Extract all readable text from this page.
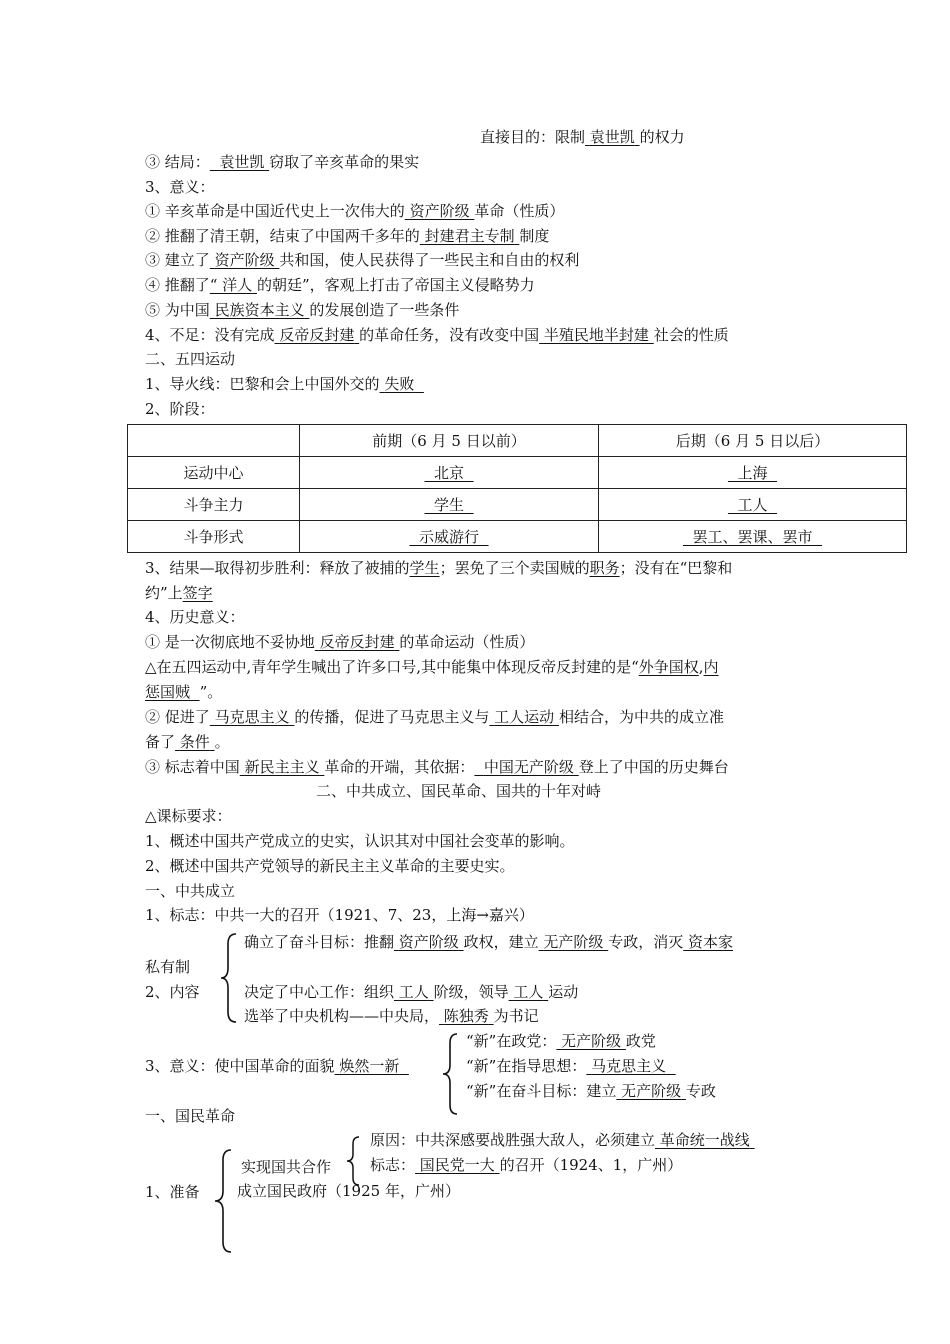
直接目的：限制 袁世凯 的权力
③ 结局： 袁世凯 窃取了辛亥革命的果实
3、意义：
① 辛亥革命是中国近代史上一次伟大的 资产阶级 革命（性质）
② 推翻了清王朝，结束了中国两千多年的 封建君主专制 制度
③ 建立了 资产阶级 共和国，使人民获得了一些民主和自由的权利
④ 推翻了“ 洋人 的朝廷”，客观上打击了帝国主义侵略势力
⑤ 为中国 民族资本主义 的发展创造了一些条件
4、不足：没有完成 反帝反封建 的革命任务，没有改变中国 半殖民地半封建 社会的性质
二、五四运动
1、导火线：巴黎和会上中国外交的 失败
2、阶段：
	前期（6 月 5 日以前）	后期（6 月 5 日以后）
运动中心	北京	上海
斗争主力	学生	工人
斗争形式	示威游行	罢工、罢课、罢市
3、结果—取得初步胜利：释放了被捕的学生；罢免了三个卖国贼的职务；没有在“巴黎和
约”上签字
4、历史意义：
① 是一次彻底地不妥协地 反帝反封建 的革命运动（性质）
△在五四运动中,青年学生喊出了许多口号,其中能集中体现反帝反封建的是“外争国权,内
惩国贼 ”。
② 促进了 马克思主义 的传播，促进了马克思主义与 工人运动 相结合，为中共的成立准
备了 条件 。
③ 标志着中国 新民主主义 革命的开端，其依据： 中国无产阶级 登上了中国的历史舞台
二、中共成立、国民革命、国共的十年对峙
△课标要求：
1、概述中国共产党成立的史实，认识其对中国社会变革的影响。
2、概述中国共产党领导的新民主主义革命的主要史实。
一、中共成立
1、标志：中共一大的召开（1921、7、23，上海→嘉兴）
确立了奋斗目标：推翻 资产阶级 政权，建立 无产阶级 专政，消灭 资本家
私有制
2、内容	决定了中心工作：组织 工人 阶级，领导 工人 运动
选举了中央机构——中央局， 陈独秀 为书记
3、意义：使中国革命的面貌 焕然一新
“新”在政党： 无产阶级 政党
“新”在指导思想： 马克思主义
“新”在奋斗目标：建立 无产阶级 专政
一、国民革命
原因：中共深感要战胜强大敌人，必须建立 革命统一战线
实现国共合作	标志： 国民党一大 的召开（1924、1，广州）
1、准备 成立国民政府（1925 年，广州）
